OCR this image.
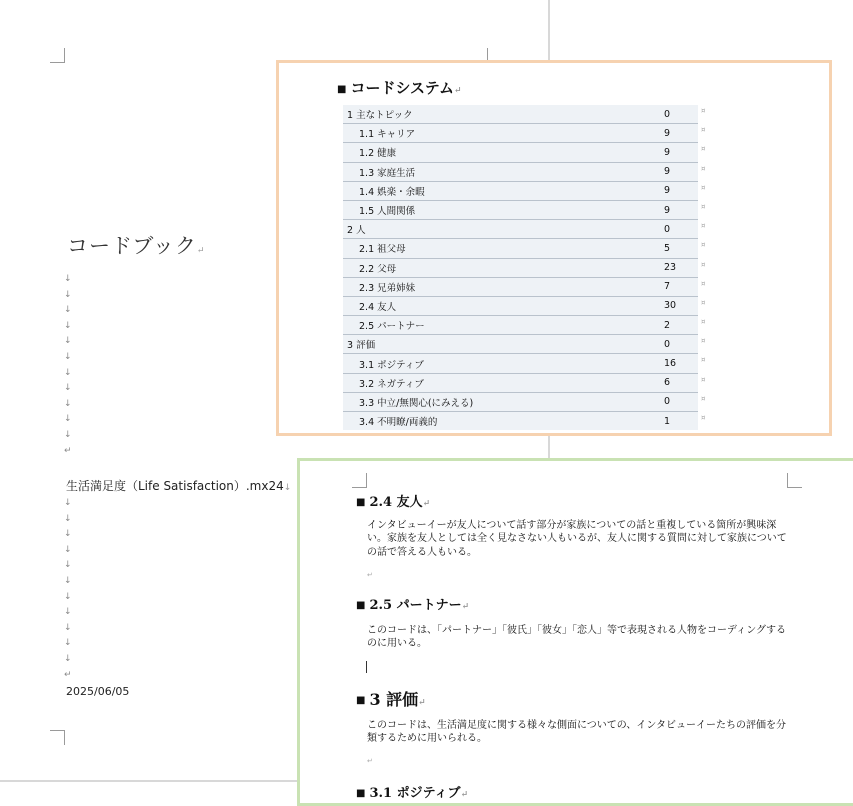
コードブック↵
↓
↓
↓
↓
↓
↓
↓
↓
↓
↓
↓
↵
生活満足度（Life Satisfaction）.mx24↓
↓
↓
↓
↓
↓
↓
↓
↓
↓
↓
↓
↵
2025/06/05
■ コードシステム↵
1 主なトピック	0
1.1 キャリア	9
1.2 健康	9
1.3 家庭生活	9
1.4 娯楽・余暇	9
1.5 人間関係	9
2 人	0
2.1 祖父母	5
2.2 父母	23
2.3 兄弟姉妹	7
2.4 友人	30
2.5 パートナー	2
3 評価	0
3.1 ポジティブ	16
3.2 ネガティブ	6
3.3 中立/無関心(にみえる)	0
3.4 不明瞭/両義的	1
¤
¤
¤
¤
¤
¤
¤
¤
¤
¤
¤
¤
¤
¤
¤
¤
¤
■ 2.4 友人↵
インタビューイーが友人について話す部分が家族についての話と重複している箇所が興味深い。家族を友人としては全く見なさない人もいるが、友人に関する質問に対して家族についての話で答える人もいる。
↵
■ 2.5 パートナー↵
このコードは、「パートナー」「彼氏」「彼女」「恋人」等で表現される人物をコーディングするのに用いる。
■ 3 評価↵
このコードは、生活満足度に関する様々な側面についての、インタビューイーたちの評価を分類するために用いられる。
↵
■ 3.1 ポジティブ↵
